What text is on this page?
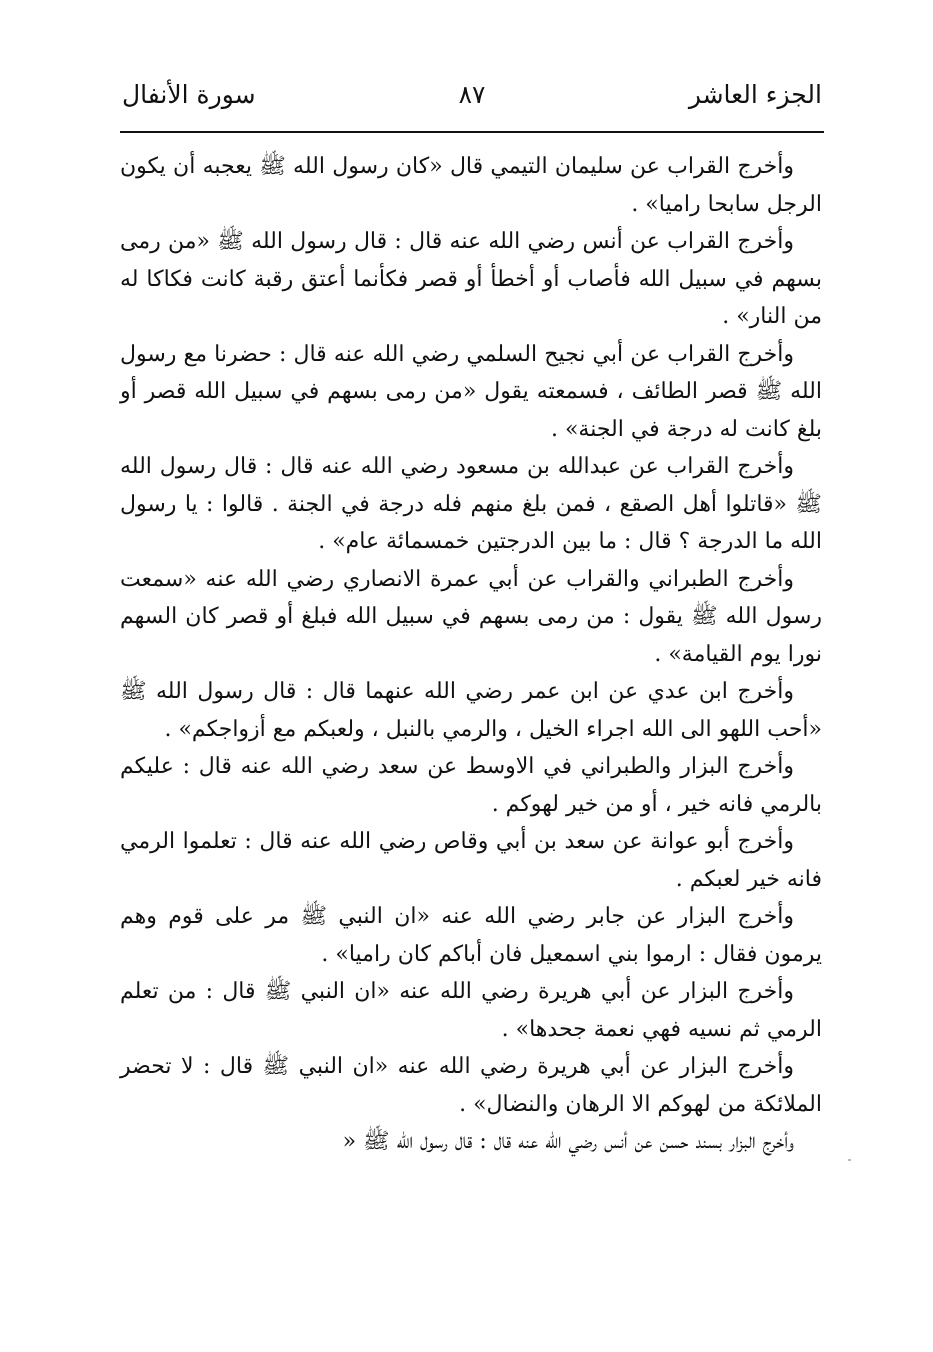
الجزء العاشر
٨٧
سورة الأنفال

وأخرج القراب عن سليمان التيمي قال «كان رسول الله ﷺ يعجبه أن يكون الرجل سابحا راميا» .

وأخرج القراب عن أنس رضي الله عنه قال : قال رسول الله ﷺ «من رمى بسهم في سبيل الله فأصاب أو أخطأ أو قصر فكأنما أعتق رقبة كانت فكاكا له من النار» .

وأخرج القراب عن أبي نجيح السلمي رضي الله عنه قال : حضرنا مع رسول الله ﷺ قصر الطائف ، فسمعته يقول «من رمى بسهم في سبيل الله قصر أو بلغ كانت له درجة في الجنة» .

وأخرج القراب عن عبدالله بن مسعود رضي الله عنه قال : قال رسول الله ﷺ «قاتلوا أهل الصقع ، فمن بلغ منهم فله درجة في الجنة . قالوا : يا رسول الله ما الدرجة ؟ قال : ما بين الدرجتين خمسمائة عام» .

وأخرج الطبراني والقراب عن أبي عمرة الانصاري رضي الله عنه «سمعت رسول الله ﷺ يقول : من رمى بسهم في سبيل الله فبلغ أو قصر كان السهم نورا يوم القيامة» .

وأخرج ابن عدي عن ابن عمر رضي الله عنهما قال : قال رسول الله ﷺ «أحب اللهو الى الله اجراء الخيل ، والرمي بالنبل ، ولعبكم مع أزواجكم» .

وأخرج البزار والطبراني في الاوسط عن سعد رضي الله عنه قال : عليكم بالرمي فانه خير ، أو من خير لهوكم .

وأخرج أبو عوانة عن سعد بن أبي وقاص رضي الله عنه قال : تعلموا الرمي فانه خير لعبكم .

وأخرج البزار عن جابر رضي الله عنه «ان النبي ﷺ مر على قوم وهم يرمون فقال : ارموا بني اسمعيل فان أباكم كان راميا» .

وأخرج البزار عن أبي هريرة رضي الله عنه «ان النبي ﷺ قال : من تعلم الرمي ثم نسيه فهي نعمة جحدها» .

وأخرج البزار عن أبي هريرة رضي الله عنه «ان النبي ﷺ قال : لا تحضر الملائكة من لهوكم الا الرهان والنضال» .

وأخرج البزار بسند حسن عن أنس رضي الله عنه قال : قال رسول الله ﷺ «
